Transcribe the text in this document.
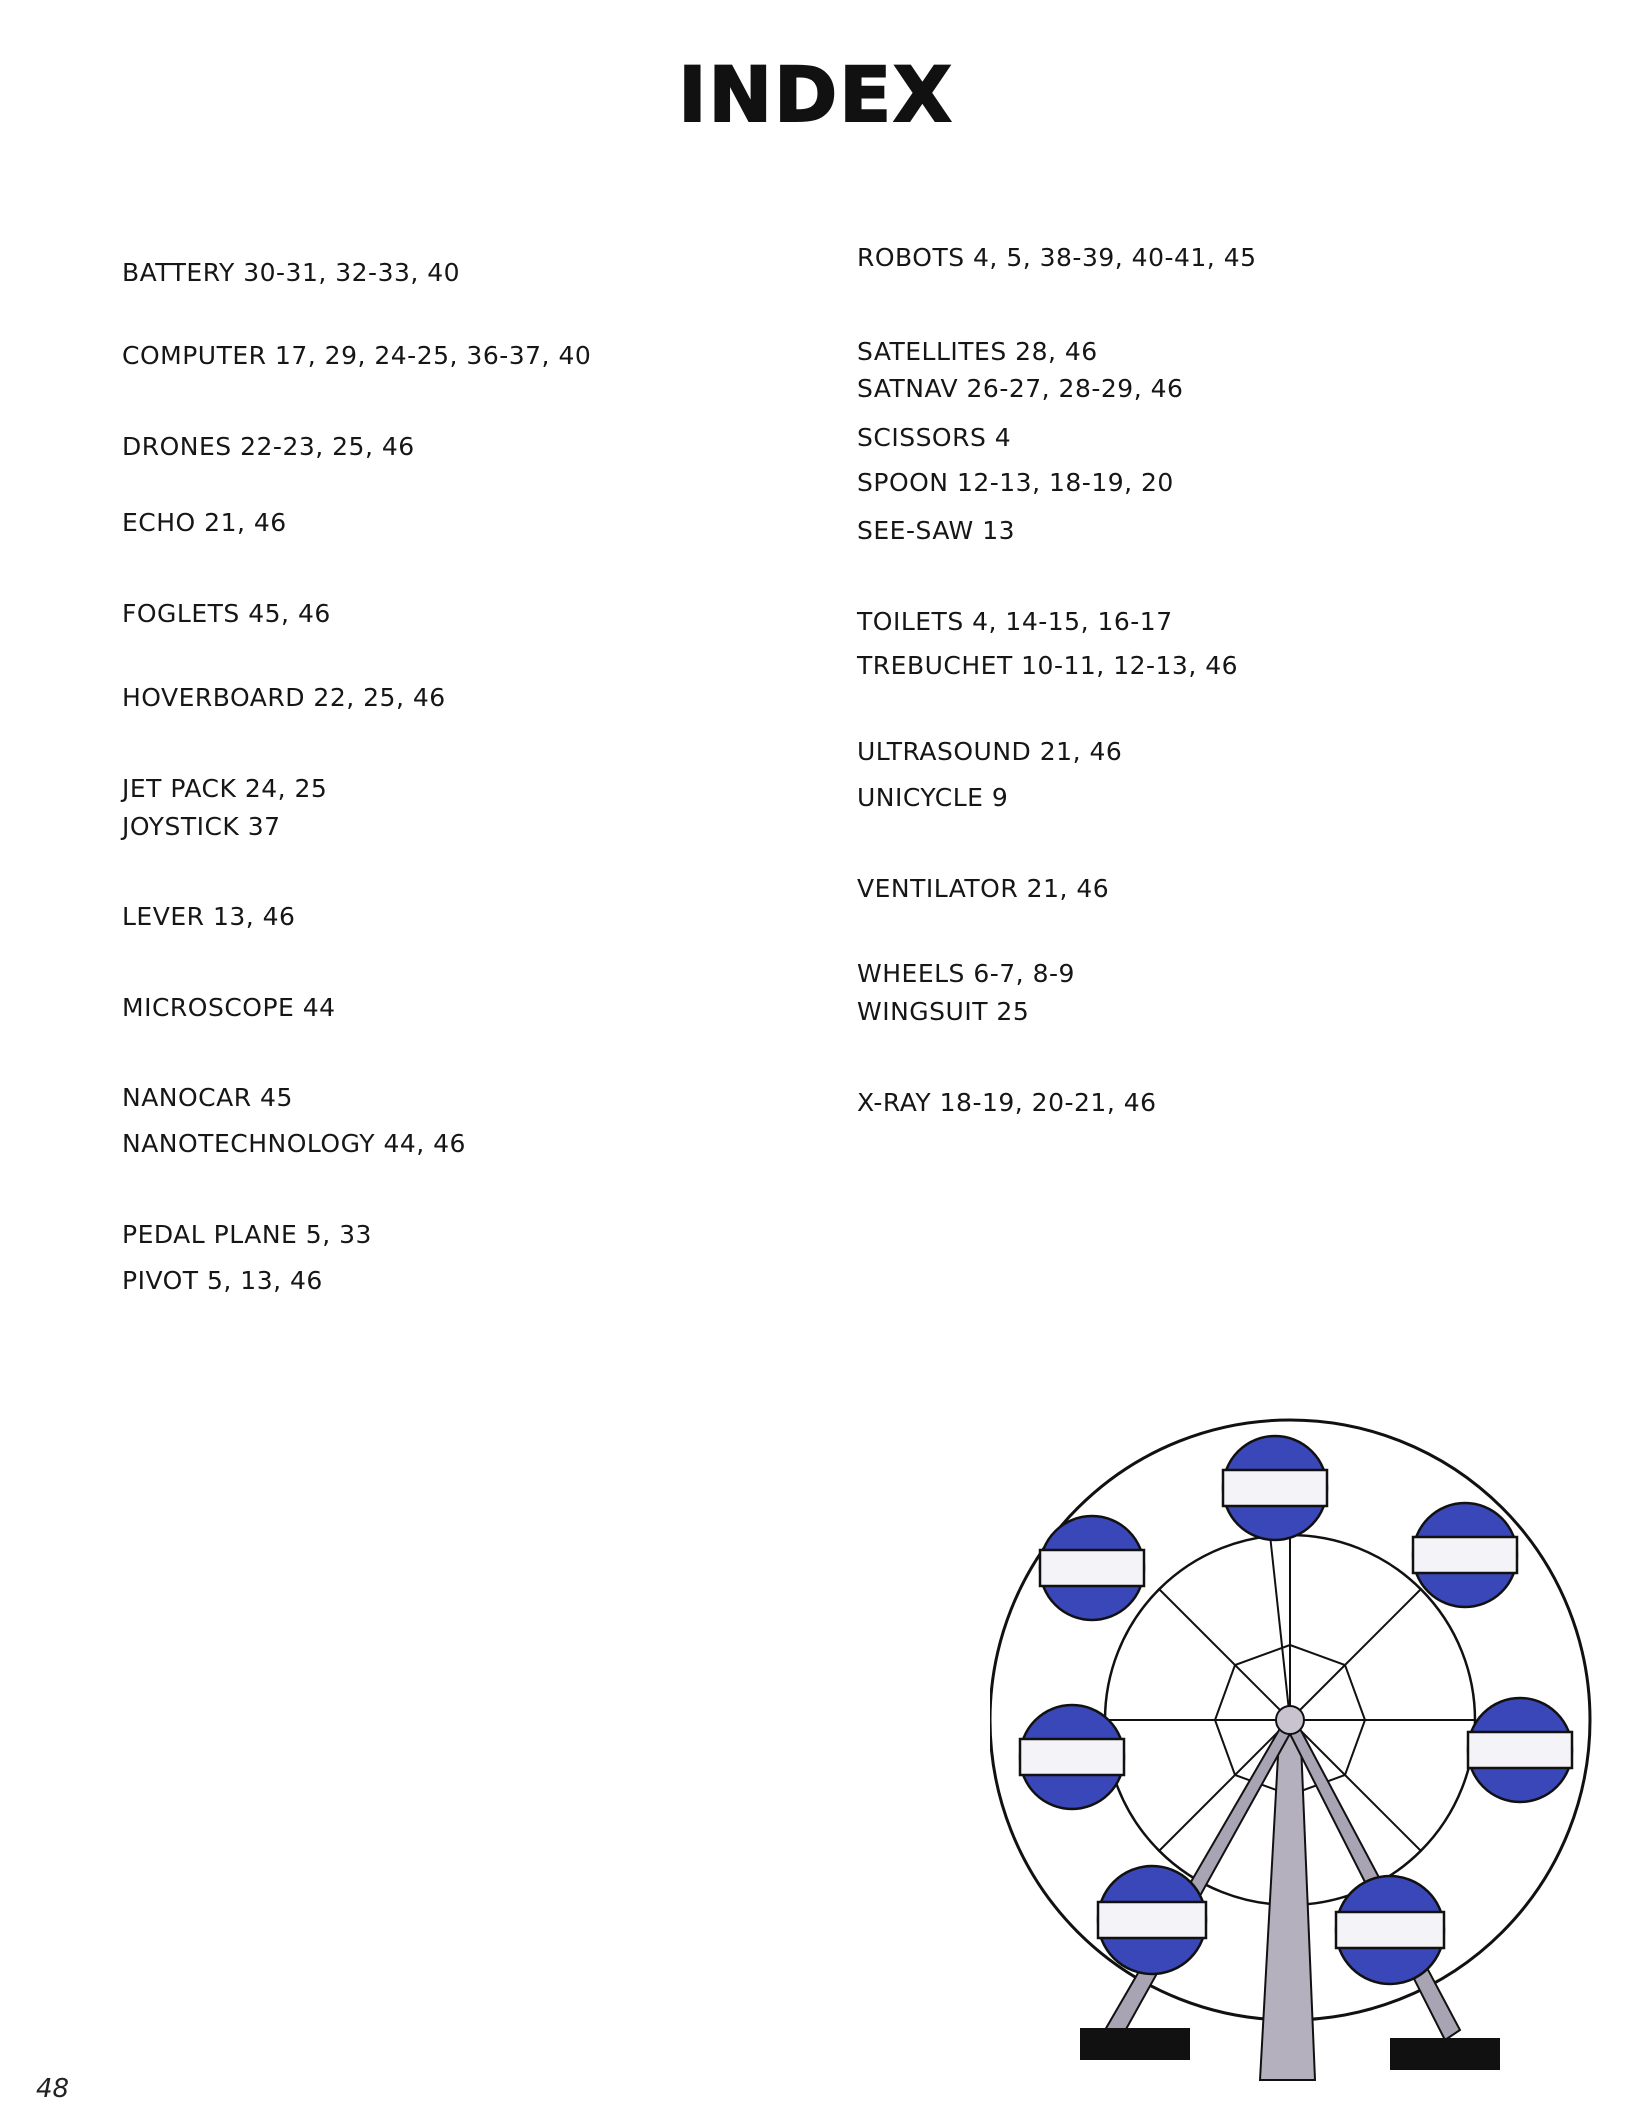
INDEX
BATTERY 30-31, 32-33, 40
COMPUTER 17, 29, 24-25, 36-37, 40
DRONES 22-23, 25, 46
ECHO 21, 46
FOGLETS 45, 46
HOVERBOARD 22, 25, 46
JET PACK 24, 25
JOYSTICK 37
LEVER 13, 46
MICROSCOPE 44
NANOCAR 45
NANOTECHNOLOGY 44, 46
PEDAL PLANE 5, 33
PIVOT 5, 13, 46
ROBOTS 4, 5, 38-39, 40-41, 45
SATELLITES 28, 46
SATNAV 26-27, 28-29, 46
SCISSORS 4
SPOON 12-13, 18-19, 20
SEE-SAW 13
TOILETS 4, 14-15, 16-17
TREBUCHET 10-11, 12-13, 46
ULTRASOUND 21, 46
UNICYCLE 9
VENTILATOR 21, 46
WHEELS 6-7, 8-9
WINGSUIT 25
X-RAY 18-19, 20-21, 46
48
